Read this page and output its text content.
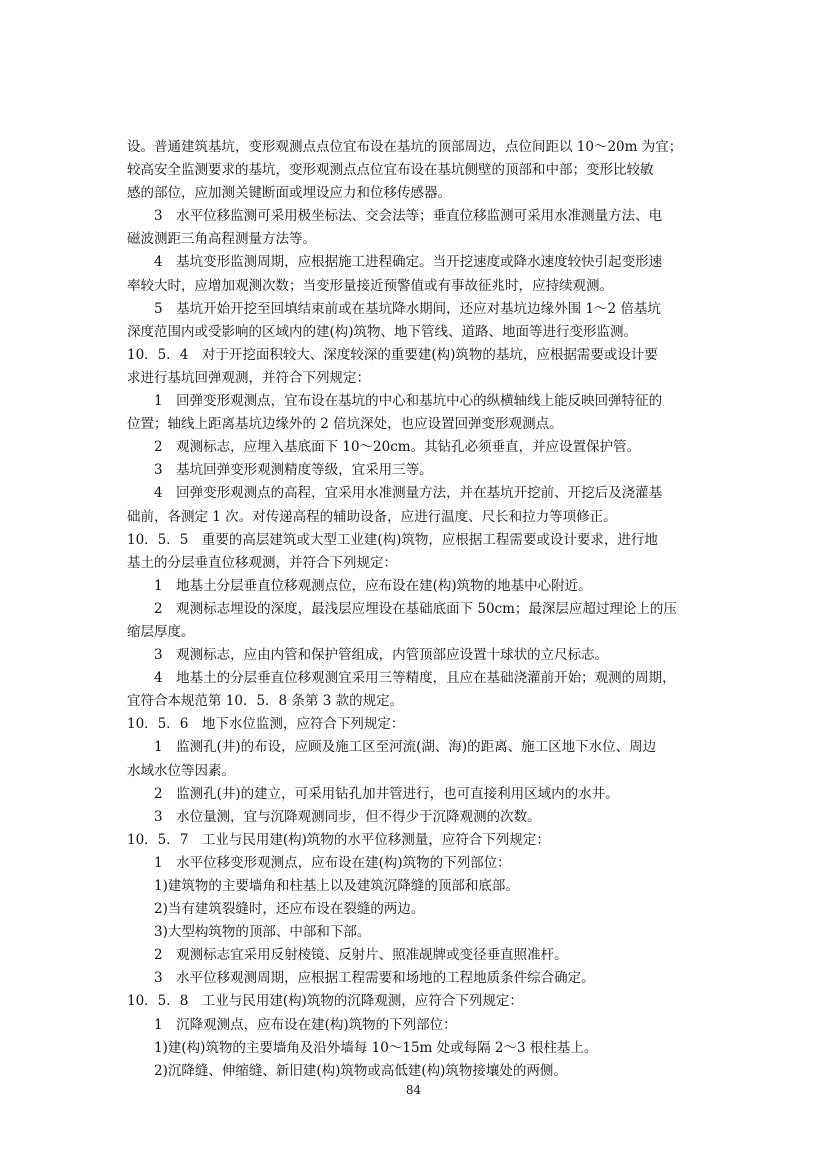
设。普通建筑基坑，变形观测点点位宜布设在基坑的顶部周边，点位间距以 10～20m 为宜；
较高安全监测要求的基坑，变形观测点点位宜布设在基坑侧壁的顶部和中部；变形比较敏
感的部位，应加测关键断面或埋设应力和位移传感器。
3　水平位移监测可采用极坐标法、交会法等；垂直位移监测可采用水准测量方法、电
磁波测距三角高程测量方法等。
4　基坑变形监测周期，应根据施工进程确定。当开挖速度或降水速度较快引起变形速
率较大时，应增加观测次数；当变形量接近预警值或有事故征兆时，应持续观测。
5　基坑开始开挖至回填结束前或在基坑降水期间，还应对基坑边缘外围 1～2 倍基坑
深度范围内或受影响的区域内的建(构)筑物、地下管线、道路、地面等进行变形监测。
10．5．4　对于开挖面积较大、深度较深的重要建(构)筑物的基坑，应根据需要或设计要
求进行基坑回弹观测，并符合下列规定：
1　回弹变形观测点，宜布设在基坑的中心和基坑中心的纵横轴线上能反映回弹特征的
位置；轴线上距离基坑边缘外的 2 倍坑深处，也应设置回弹变形观测点。
2　观测标志，应埋入基底面下 10～20cm。其钻孔必须垂直，并应设置保护管。
3　基坑回弹变形观测精度等级，宜采用三等。
4　回弹变形观测点的高程，宜采用水准测量方法，并在基坑开挖前、开挖后及浇灌基
础前，各测定 1 次。对传递高程的辅助设备，应进行温度、尺长和拉力等项修正。
10．5．5　重要的高层建筑或大型工业建(构)筑物，应根据工程需要或设计要求，进行地
基土的分层垂直位移观测，并符合下列规定：
1　地基土分层垂直位移观测点位，应布设在建(构)筑物的地基中心附近。
2　观测标志埋设的深度，最浅层应埋设在基础底面下 50cm；最深层应超过理论上的压
缩层厚度。
3　观测标志，应由内管和保护管组成，内管顶部应设置十球状的立尺标志。
4　地基土的分层垂直位移观测宜采用三等精度，且应在基础浇灌前开始；观测的周期，
宜符合本规范第 10．5．8 条第 3 款的规定。
10．5．6　地下水位监测，应符合下列规定：
1　监测孔(井)的布设，应顾及施工区至河流(湖、海)的距离、施工区地下水位、周边
水域水位等因素。
2　监测孔(井)的建立，可采用钻孔加井管进行，也可直接利用区域内的水井。
3　水位量测，宜与沉降观测同步，但不得少于沉降观测的次数。
10．5．7　工业与民用建(构)筑物的水平位移测量，应符合下列规定：
1　水平位移变形观测点，应布设在建(构)筑物的下列部位：
1)建筑物的主要墙角和柱基上以及建筑沉降缝的顶部和底部。
2)当有建筑裂缝时，还应布设在裂缝的两边。
3)大型构筑物的顶部、中部和下部。
2　观测标志宜采用反射棱镜、反射片、照准觇牌或变径垂直照准杆。
3　水平位移观测周期，应根据工程需要和场地的工程地质条件综合确定。
10．5．8　工业与民用建(构)筑物的沉降观测，应符合下列规定：
1　沉降观测点，应布设在建(构)筑物的下列部位：
1)建(构)筑物的主要墙角及沿外墙每 10～15m 处或每隔 2～3 根柱基上。
2)沉降缝、伸缩缝、新旧建(构)筑物或高低建(构)筑物接壤处的两侧。
84
